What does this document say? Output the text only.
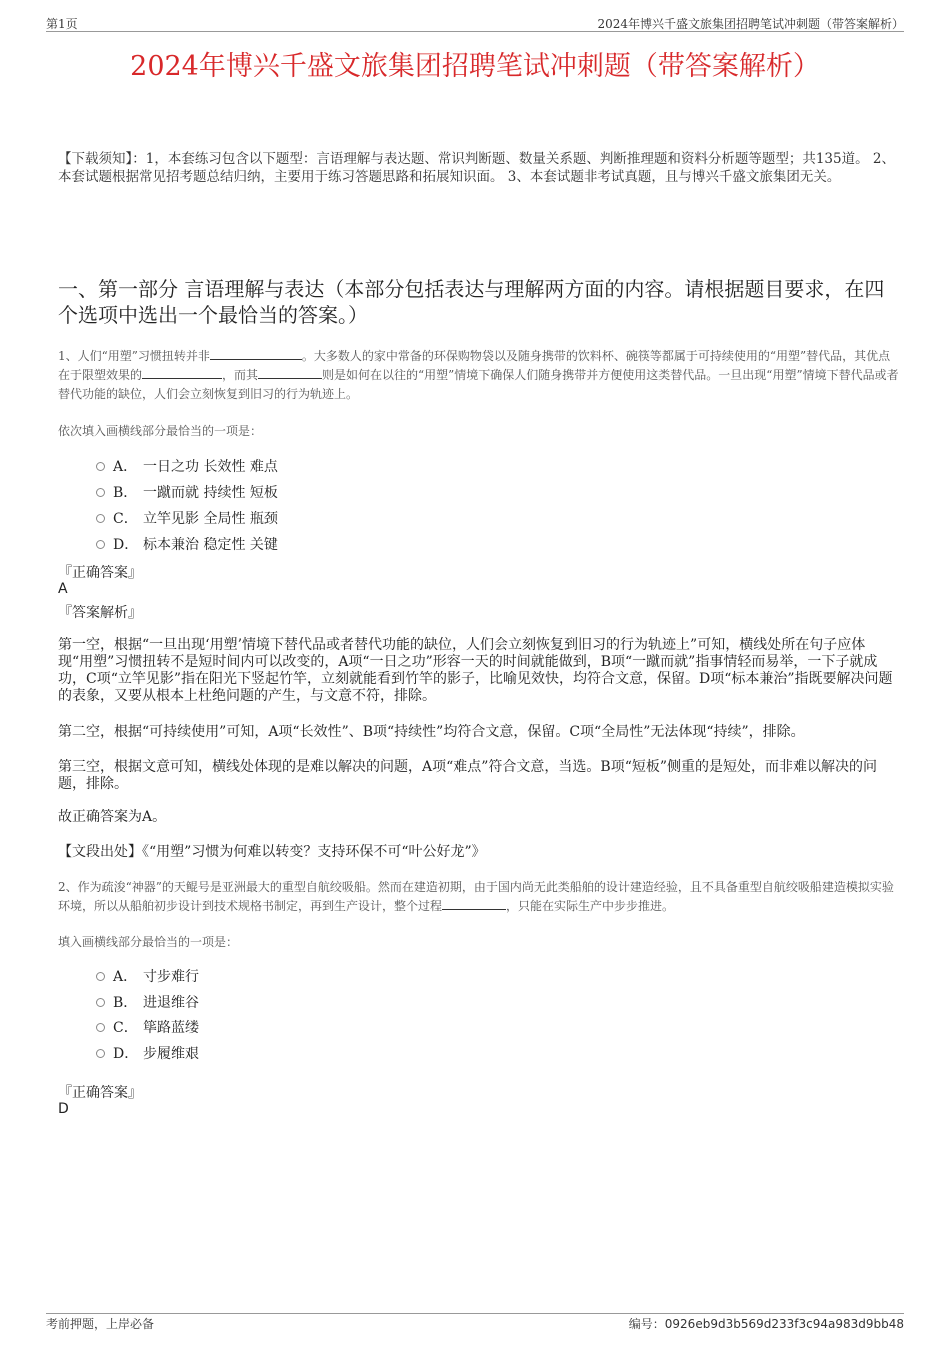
第1页	2024年博兴千盛文旅集团招聘笔试冲刺题（带答案解析）
2024年博兴千盛文旅集团招聘笔试冲刺题（带答案解析）
【下载须知】：1，本套练习包含以下题型：言语理解与表达题、常识判断题、数量关系题、判断推理题和资料分析题等题型；共135道。 2、本套试题根据常见招考题总结归纳，主要用于练习答题思路和拓展知识面。 3、本套试题非考试真题，且与博兴千盛文旅集团无关。
一、第一部分 言语理解与表达（本部分包括表达与理解两方面的内容。请根据题目要求，在四个选项中选出一个最恰当的答案。）
1、人们“用塑”习惯扭转并非	。大多数人的家中常备的环保购物袋以及随身携带的饮料杯、碗筷等都属于可持续使用的“用塑”替代品，其优点在于限塑效果的	，而其	则是如何在以往的“用塑”情境下确保人们随身携带并方便使用这类替代品。一旦出现“用塑”情境下替代品或者替代功能的缺位，人们会立刻恢复到旧习的行为轨迹上。
依次填入画横线部分最恰当的一项是：
A． 一日之功 长效性 难点
B． 一蹴而就 持续性 短板
C． 立竿见影 全局性 瓶颈
D． 标本兼治 稳定性 关键
『正确答案』
A
『答案解析』
第一空，根据“一旦出现‘用塑’情境下替代品或者替代功能的缺位，人们会立刻恢复到旧习的行为轨迹上”可知，横线处所在句子应体现“用塑”习惯扭转不是短时间内可以改变的，A项“一日之功”形容一天的时间就能做到，B项“一蹴而就”指事情轻而易举，一下子就成功，C项“立竿见影”指在阳光下竖起竹竿，立刻就能看到竹竿的影子，比喻见效快，均符合文意，保留。D项“标本兼治”指既要解决问题的表象，又要从根本上杜绝问题的产生，与文意不符，排除。
第二空，根据“可持续使用”可知，A项“长效性”、B项“持续性”均符合文意，保留。C项“全局性”无法体现“持续”，排除。
第三空，根据文意可知，横线处体现的是难以解决的问题，A项“难点”符合文意，当选。B项“短板”侧重的是短处，而非难以解决的问题，排除。
故正确答案为A。
【文段出处】《“用塑”习惯为何难以转变？支持环保不可“叶公好龙”》
2、作为疏浚“神器”的天鲲号是亚洲最大的重型自航绞吸船。然而在建造初期，由于国内尚无此类船舶的设计建造经验，且不具备重型自航绞吸船建造模拟实验环境，所以从船舶初步设计到技术规格书制定，再到生产设计，整个过程	，只能在实际生产中步步推进。
填入画横线部分最恰当的一项是：
A． 寸步难行
B． 进退维谷
C． 筚路蓝缕
D． 步履维艰
『正确答案』
D
考前押题，上岸必备	编号：0926eb9d3b569d233f3c94a983d9bb48
